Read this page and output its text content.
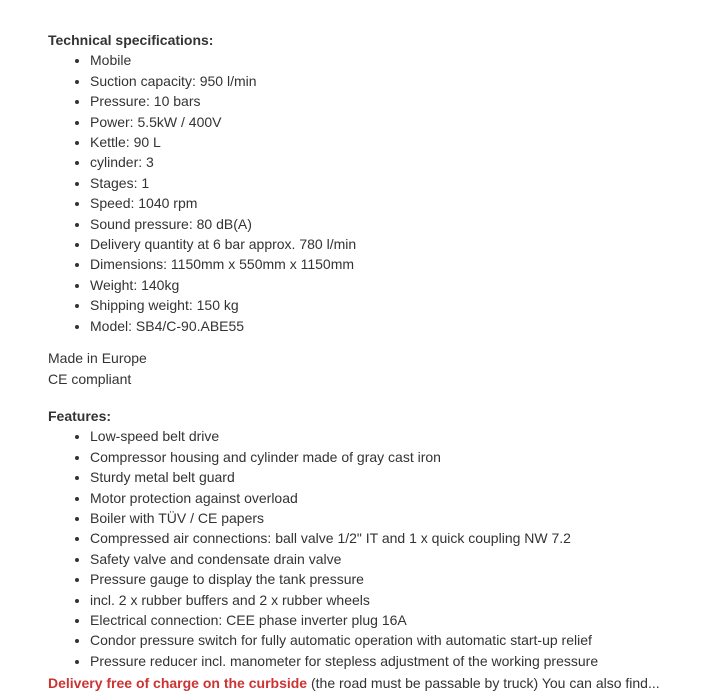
Technical specifications:

• Mobile
• Suction capacity: 950 l/min
• Pressure: 10 bars
• Power: 5.5kW / 400V
• Kettle: 90 L
• cylinder: 3
• Stages: 1
• Speed: 1040 rpm
• Sound pressure: 80 dB(A)
• Delivery quantity at 6 bar approx. 780 l/min
• Dimensions: 1150mm x 550mm x 1150mm
• Weight: 140kg
• Shipping weight: 150 kg
• Model: SB4/C-90.ABE55

Made in Europe

CE compliant

Features:

• Low-speed belt drive
• Compressor housing and cylinder made of gray cast iron
• Sturdy metal belt guard
• Motor protection against overload
• Boiler with TÜV / CE papers
• Compressed air connections: ball valve 1/2" IT and 1 x quick coupling NW 7.2
• Safety valve and condensate drain valve
• Pressure gauge to display the tank pressure
• incl. 2 x rubber buffers and 2 x rubber wheels
• Electrical connection: CEE phase inverter plug 16A
• Condor pressure switch for fully automatic operation with automatic start-up relief
• Pressure reducer incl. manometer for stepless adjustment of the working pressure

Delivery free of charge on the curbside (the road must be passable by truck) You can also find...
